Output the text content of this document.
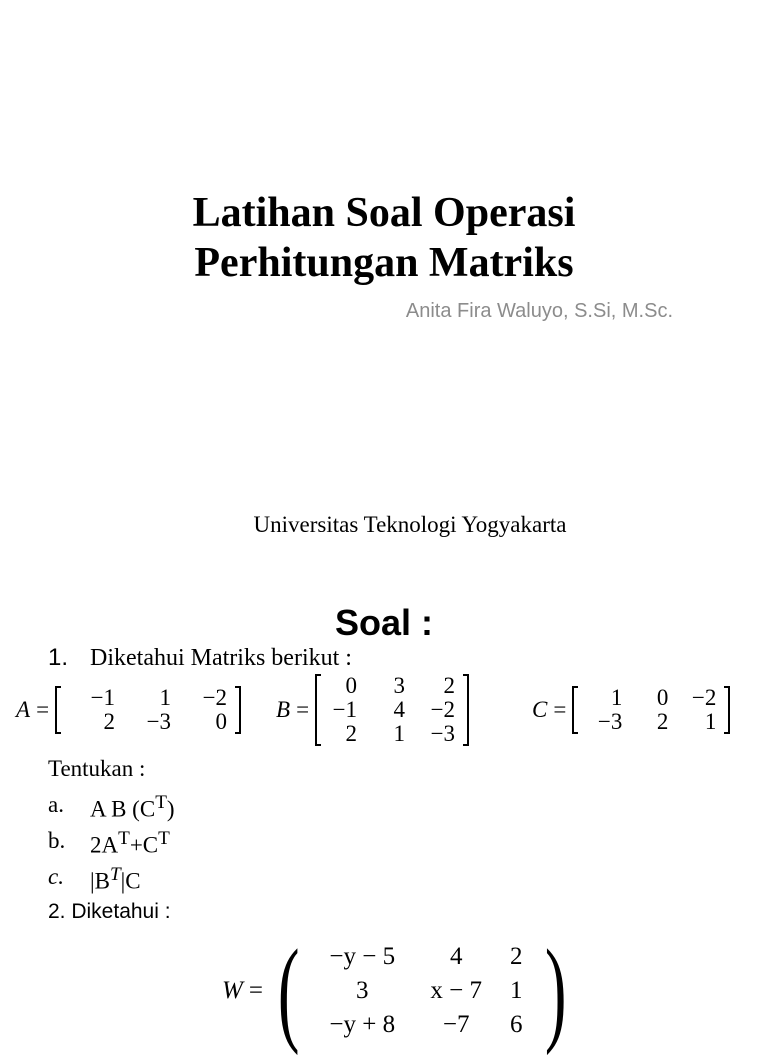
Latihan Soal Operasi
Perhitungan Matriks
Anita Fira Waluyo, S.Si, M.Sc.
Universitas Teknologi Yogyakarta
Soal :
1. Diketahui Matriks berikut :
A =	−1	1	−2
2	−3	0 B =
0	3	2
−1	4	−2
2	1	−3
C =	1	0	−2
−3	2	1
Tentukan :
a.	A B $(C^T)$
b.	$2A^T+C^T$
c.	$|B^T|C$
2. Diketahui :
W = (	−y − 5	4	2
3	x − 7	1
−y + 8	−7	6 )
